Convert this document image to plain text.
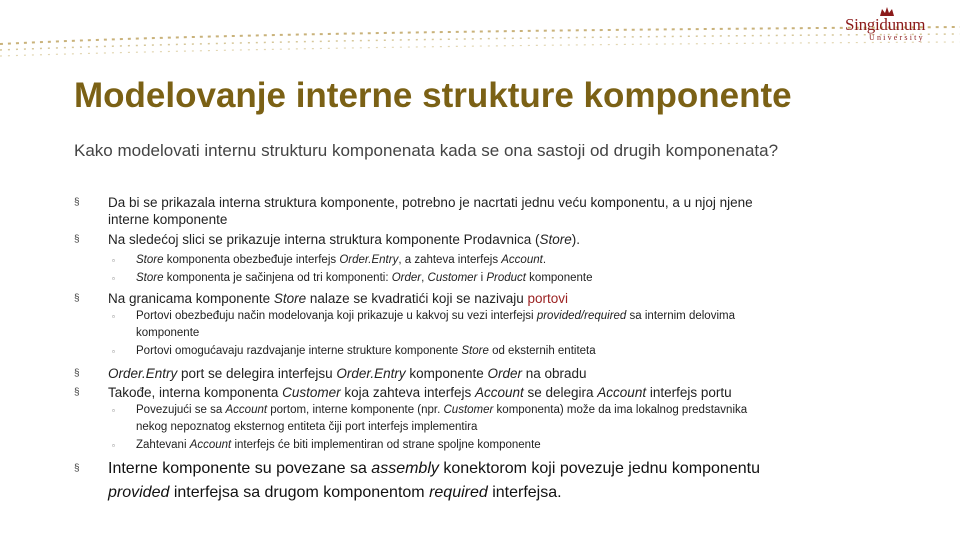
Singidunum
University
Modelovanje interne strukture komponente

Kako modelovati internu strukturu komponenata kada se ona sastoji od drugih komponenata?

§ Da bi se prikazala interna struktura komponente, potrebno je nacrtati jednu veću komponentu, a u njoj njene
interne komponente
§ Na sledećoj slici se prikazuje interna struktura komponente Prodavnica (Store).
▫ Store komponenta obezbeđuje interfejs Order.Entry, a zahteva interfejs Account.
▫ Store komponenta je sačinjena od tri komponenti: Order, Customer i Product komponente
§ Na granicama komponente Store nalaze se kvadratići koji se nazivaju portovi
▫ Portovi obezbeđuju način modelovanja koji prikazuje u kakvoj su vezi interfejsi provided/required sa internim delovima
komponente
▫ Portovi omogućavaju razdvajanje interne strukture komponente Store od eksternih entiteta
§ Order.Entry port se delegira interfejsu Order.Entry komponente Order na obradu
§ Takođe, interna komponenta Customer koja zahteva interfejs Account se delegira Account interfejs portu
▫ Povezujući se sa Account portom, interne komponente (npr. Customer komponenta) može da ima lokalnog predstavnika
nekog nepoznatog eksternog entiteta čiji port interfejs implementira
▫ Zahtevani Account interfejs će biti implementiran od strane spoljne komponente
§ Interne komponente su povezane sa assembly konektorom koji povezuje jednu komponentu
provided interfejsa sa drugom komponentom required interfejsa.
